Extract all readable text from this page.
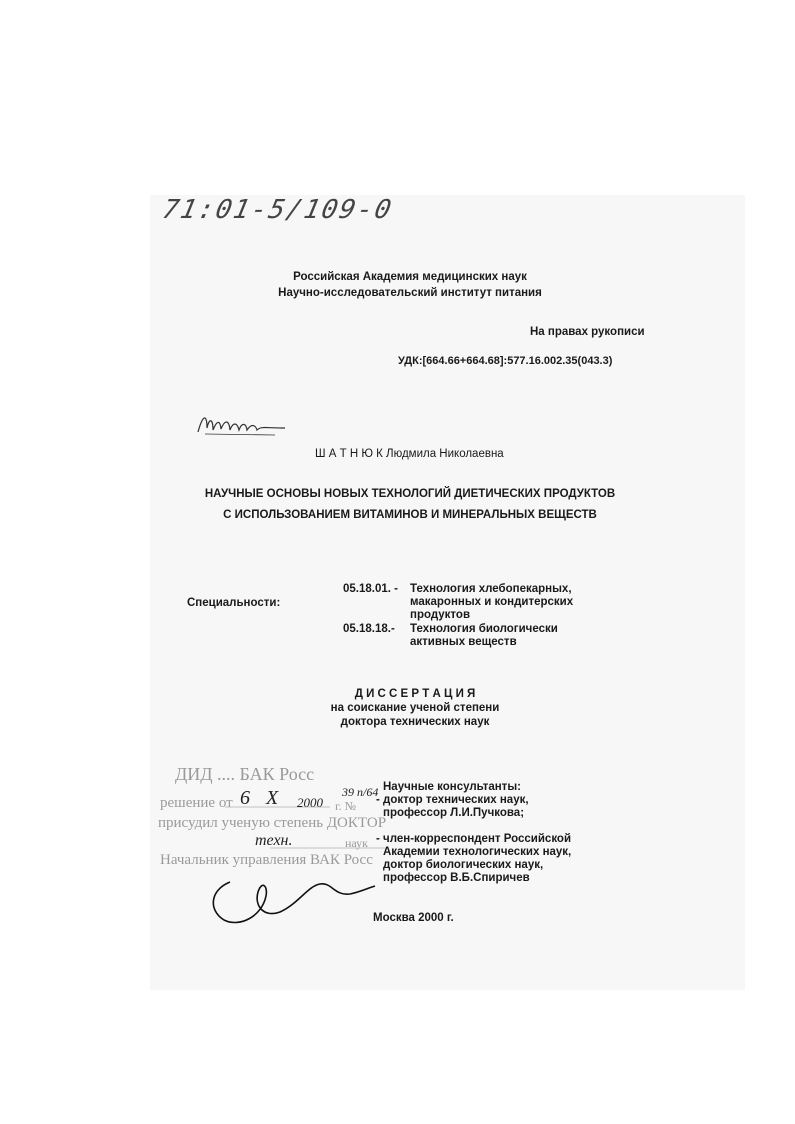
71:01-5/109-0
Российская Академия медицинских наук
Научно-исследовательский институт питания
На правах рукописи
УДК:[664.66+664.68]:577.16.002.35(043.3)
Ш А Т Н Ю К Людмила Николаевна
НАУЧНЫЕ ОСНОВЫ НОВЫХ ТЕХНОЛОГИЙ ДИЕТИЧЕСКИХ ПРОДУКТОВ
С ИСПОЛЬЗОВАНИЕМ ВИТАМИНОВ И МИНЕРАЛЬНЫХ ВЕЩЕСТВ
Специальности:
05.18.01. - Технология хлебопекарных,
макаронных и кондитерских
продуктов
05.18.18.- Технология биологически
активных веществ
Д И С С Е Р Т А Ц И Я
на соискание ученой степени
доктора технических наук
ДИД .... БАК Росс
решение от	г. №
присудил ученую степень ДОКТОР
наук
Начальник управления ВАК Росс
6 X 2000
39 п/64
техн.
Научные консультанты:
- доктор технических наук,
профессор Л.И.Пучкова;
- член-корреспондент Российской
Академии технологических наук,
доктор биологических наук,
профессор В.Б.Спиричев
Москва 2000 г.
